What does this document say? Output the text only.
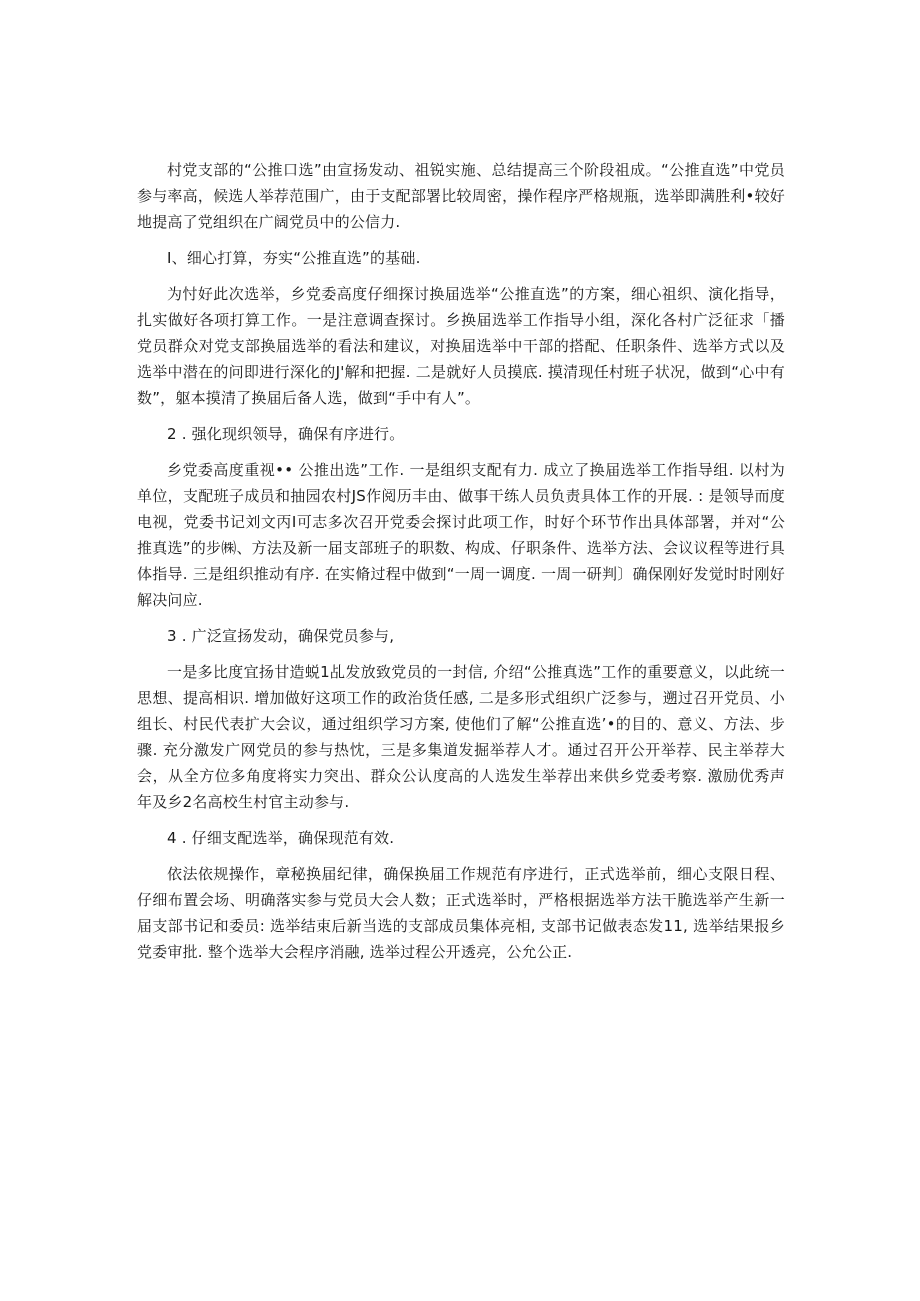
村党支部的“公推口选”由宣扬发动、祖锐实施、总结提高三个阶段祖成。“公推直选”中党员参与率高，候选人举荐范围广，由于支配部署比较周密，操作程序严格规瓶，选举即满胜利•较好地提高了党组织在广阔党员中的公信力.

I、细心打算，夯实“公推直选”的基础.

为忖好此次选举，乡党委高度仔细探讨换届选举“公推直选”的方案，细心祖织、演化指导，扎实做好各项打算工作。一是注意调查探讨。乡换届选举工作指导小组，深化各村广泛征求「播党员群众对党支部换届选举的看法和建议，对换届选举中干部的搭配、任职条件、选举方式以及选举中潜在的问即进行深化的J'解和把握. 二是就好人员摸底. 摸清现任村班子状况，做到“心中有数”，躯本摸清了换届后备人选，做到“手中有人”。

2 . 强化现织领导，确保有序进行。

乡党委高度重视•• 公推出选”工作. 一是组织支配有力. 成立了换届选举工作指导组. 以村为单位，支配班子成员和抽园农村JS作阅历丰由、做事干练人员负责具体工作的开展. : 是领导而度电视，党委书记刘文丙I可志多次召开党委会探讨此项工作，时好个环节作出具体部署，并对“公推真选”的步㈱、方法及新一届支部班子的职数、构成、仔职条件、选举方法、会议议程等进行具体指导. 三是组织推动有序. 在实脩过程中做到“一周一调度. 一周一研判〕确保刚好发觉时时刚好解决问应.

3 . 广泛宣扬发动，确保党员参与,

一是多比度宜扬甘造蜕1乩发放致党员的一封信, 介绍“公推真选”工作的重要意义，以此统一思想、提高相识. 增加做好这项工作的政治货任感, 二是多形式组织广泛参与，遡过召开党员、小组长、村民代表扩大会议，通过组织学习方案, 使他们了解“公推直选’•的目的、意义、方法、步骤. 充分激发广网党员的参与热忱，三是多集道发掘举荐人才。通过召开公开举荐、民主举荐大会，从全方位多角度将实力突出、群众公认度高的人选发生举荐出来供乡党委考察. 激励优秀声年及乡2名高校生村官主动参与.

4 . 仔细支配选举，确保现范有效.

依法依规操作，章秘换届纪律，确保换届工作规范有序进行，正式选举前，细心支限日程、仔细布置会场、明确落实参与党员大会人数；正式选举时，严格根据选举方法干脆选举产生新一届支部书记和委员: 选举结束后新当选的支部成员集体亮相, 支部书记做表态发11, 选举结果报乡党委审批. 整个选举大会程序消融, 选举过程公开透亮，公允公正.
